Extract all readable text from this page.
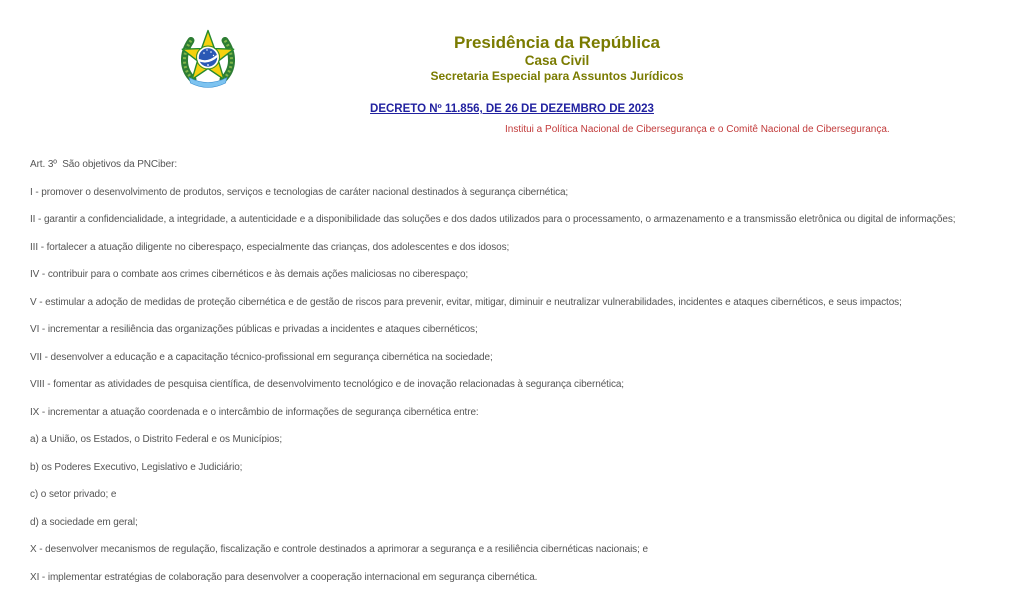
Presidência da República
Casa Civil
Secretaria Especial para Assuntos Jurídicos
DECRETO Nº 11.856, DE 26 DE DEZEMBRO DE 2023
Institui a Política Nacional de Cibersegurança e o Comitê Nacional de Cibersegurança.

Art. 3º  São objetivos da PNCiber:

I - promover o desenvolvimento de produtos, serviços e tecnologias de caráter nacional destinados à segurança cibernética;

II - garantir a confidencialidade, a integridade, a autenticidade e a disponibilidade das soluções e dos dados utilizados para o processamento, o armazenamento e a transmissão eletrônica ou digital de informações;

III - fortalecer a atuação diligente no ciberespaço, especialmente das crianças, dos adolescentes e dos idosos;

IV - contribuir para o combate aos crimes cibernéticos e às demais ações maliciosas no ciberespaço;

V - estimular a adoção de medidas de proteção cibernética e de gestão de riscos para prevenir, evitar, mitigar, diminuir e neutralizar vulnerabilidades, incidentes e ataques cibernéticos, e seus impactos;

VI - incrementar a resiliência das organizações públicas e privadas a incidentes e ataques cibernéticos;

VII - desenvolver a educação e a capacitação técnico-profissional em segurança cibernética na sociedade;

VIII - fomentar as atividades de pesquisa científica, de desenvolvimento tecnológico e de inovação relacionadas à segurança cibernética;

IX - incrementar a atuação coordenada e o intercâmbio de informações de segurança cibernética entre:

a) a União, os Estados, o Distrito Federal e os Municípios;

b) os Poderes Executivo, Legislativo e Judiciário;

c) o setor privado; e

d) a sociedade em geral;

X - desenvolver mecanismos de regulação, fiscalização e controle destinados a aprimorar a segurança e a resiliência cibernéticas nacionais; e

XI - implementar estratégias de colaboração para desenvolver a cooperação internacional em segurança cibernética.
